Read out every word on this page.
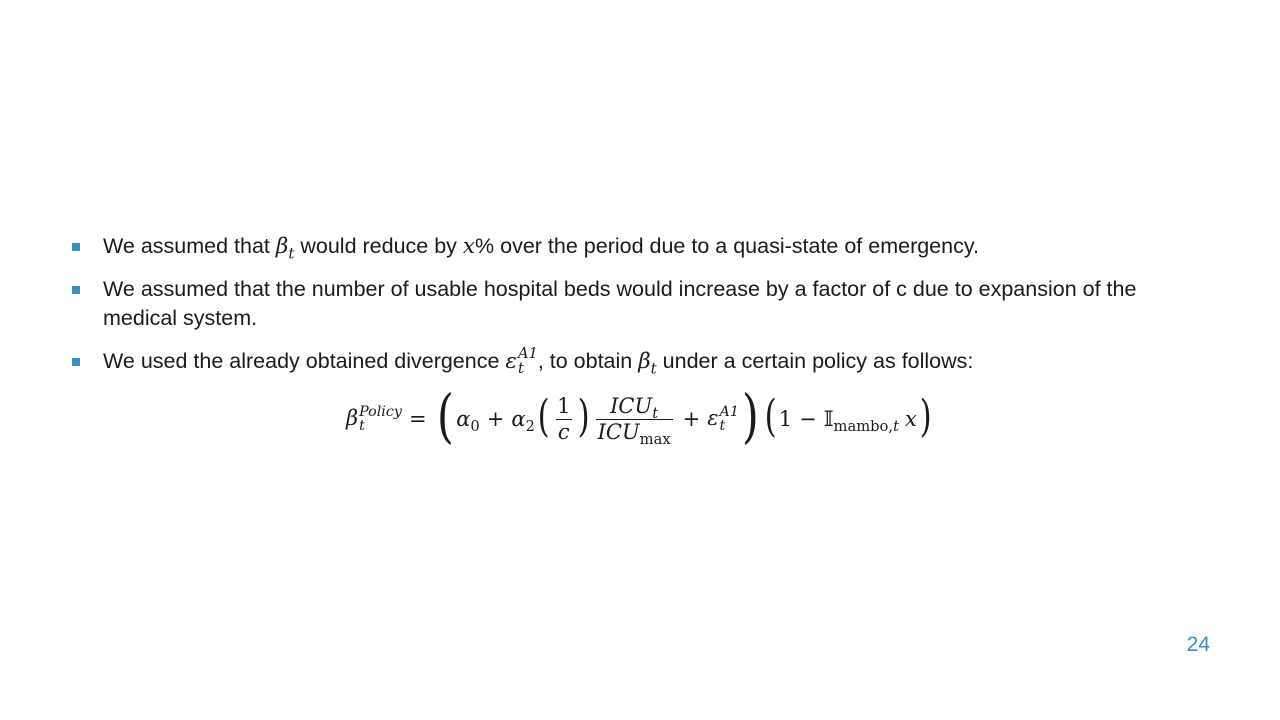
We assumed that $\beta_t$ would reduce by x% over the period due to a quasi-state of emergency.
We assumed that the number of usable hospital beds would increase by a factor of c due to expansion of the medical system.
We used the already obtained divergence ε A1
t , to obtain $\beta_t$ under a certain policy as follows:
β Policy
t	= ( $\alpha_0 + \alpha_2$ ( $\frac{1}{c}$ ) $\frac{ICU_t}{ICU_{max}} + \varepsilon$ A1
t ) ( 1 − 𝕀$_{mambo,t}$ x )
24
